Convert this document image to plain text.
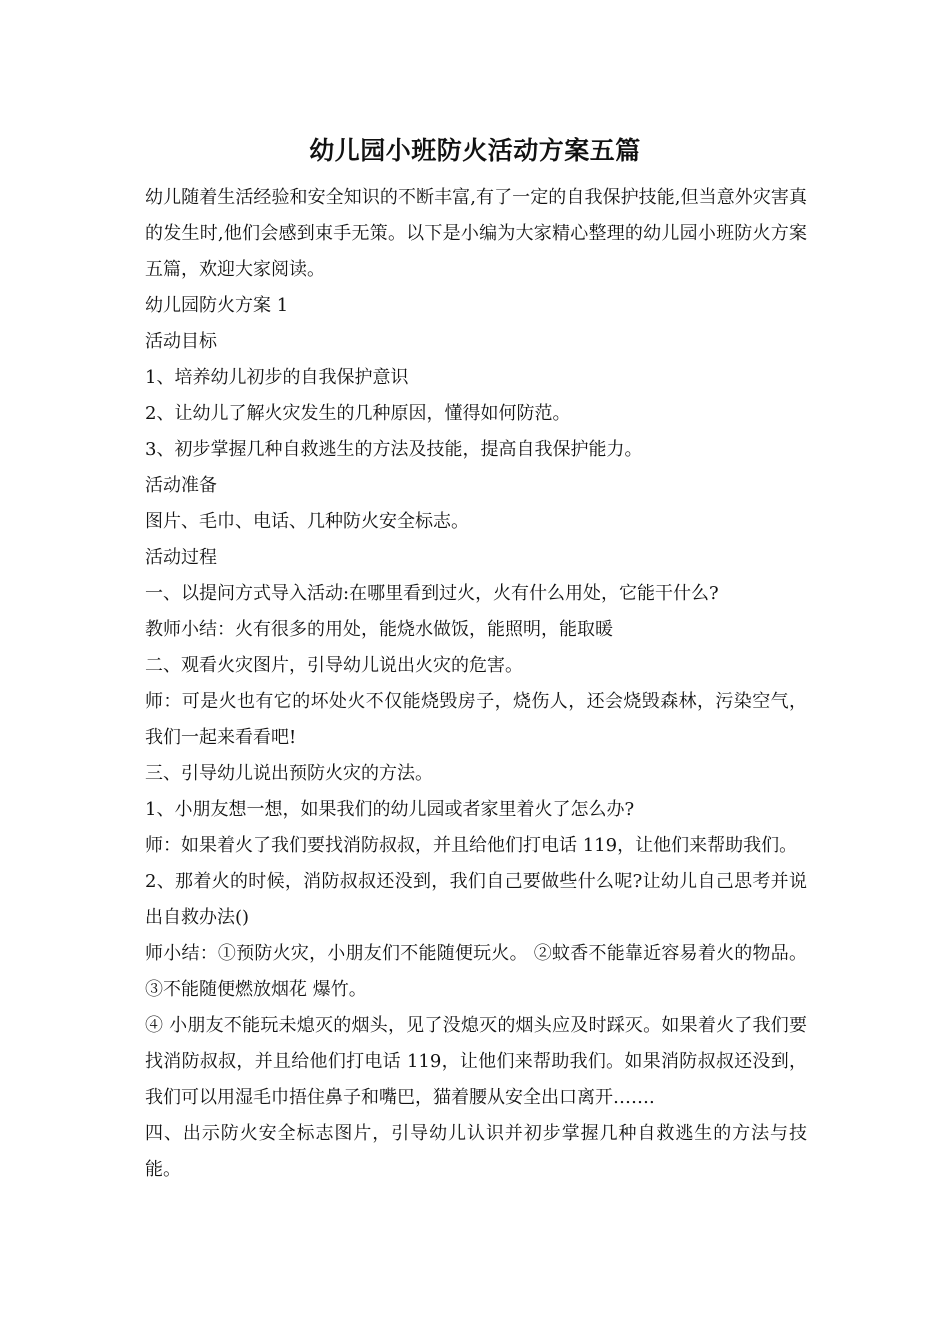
幼儿园小班防火活动方案五篇

幼儿随着生活经验和安全知识的不断丰富,有了一定的自我保护技能,但当意外灾害真的发生时,他们会感到束手无策。以下是小编为大家精心整理的幼儿园小班防火方案五篇，欢迎大家阅读。

幼儿园防火方案 1

活动目标

1、培养幼儿初步的自我保护意识

2、让幼儿了解火灾发生的几种原因，懂得如何防范。

3、初步掌握几种自救逃生的方法及技能，提高自我保护能力。

活动准备

图片、毛巾、电话、几种防火安全标志。

活动过程

一、以提问方式导入活动:在哪里看到过火，火有什么用处，它能干什么?

教师小结：火有很多的用处，能烧水做饭，能照明，能取暖

二、观看火灾图片，引导幼儿说出火灾的危害。

师：可是火也有它的坏处火不仅能烧毁房子，烧伤人，还会烧毁森林，污染空气，我们一起来看看吧!

三、引导幼儿说出预防火灾的方法。

1、小朋友想一想，如果我们的幼儿园或者家里着火了怎么办?

师：如果着火了我们要找消防叔叔，并且给他们打电话 119，让他们来帮助我们。

2、那着火的时候，消防叔叔还没到，我们自己要做些什么呢?让幼儿自己思考并说出自救办法()

师小结：①预防火灾，小朋友们不能随便玩火。 ②蚊香不能靠近容易着火的物品。 ③不能随便燃放烟花 爆竹。

④ 小朋友不能玩未熄灭的烟头，见了没熄灭的烟头应及时踩灭。如果着火了我们要找消防叔叔，并且给他们打电话 119，让他们来帮助我们。如果消防叔叔还没到，我们可以用湿毛巾捂住鼻子和嘴巴，猫着腰从安全出口离开…….

四、出示防火安全标志图片，引导幼儿认识并初步掌握几种自救逃生的方法与技能。
